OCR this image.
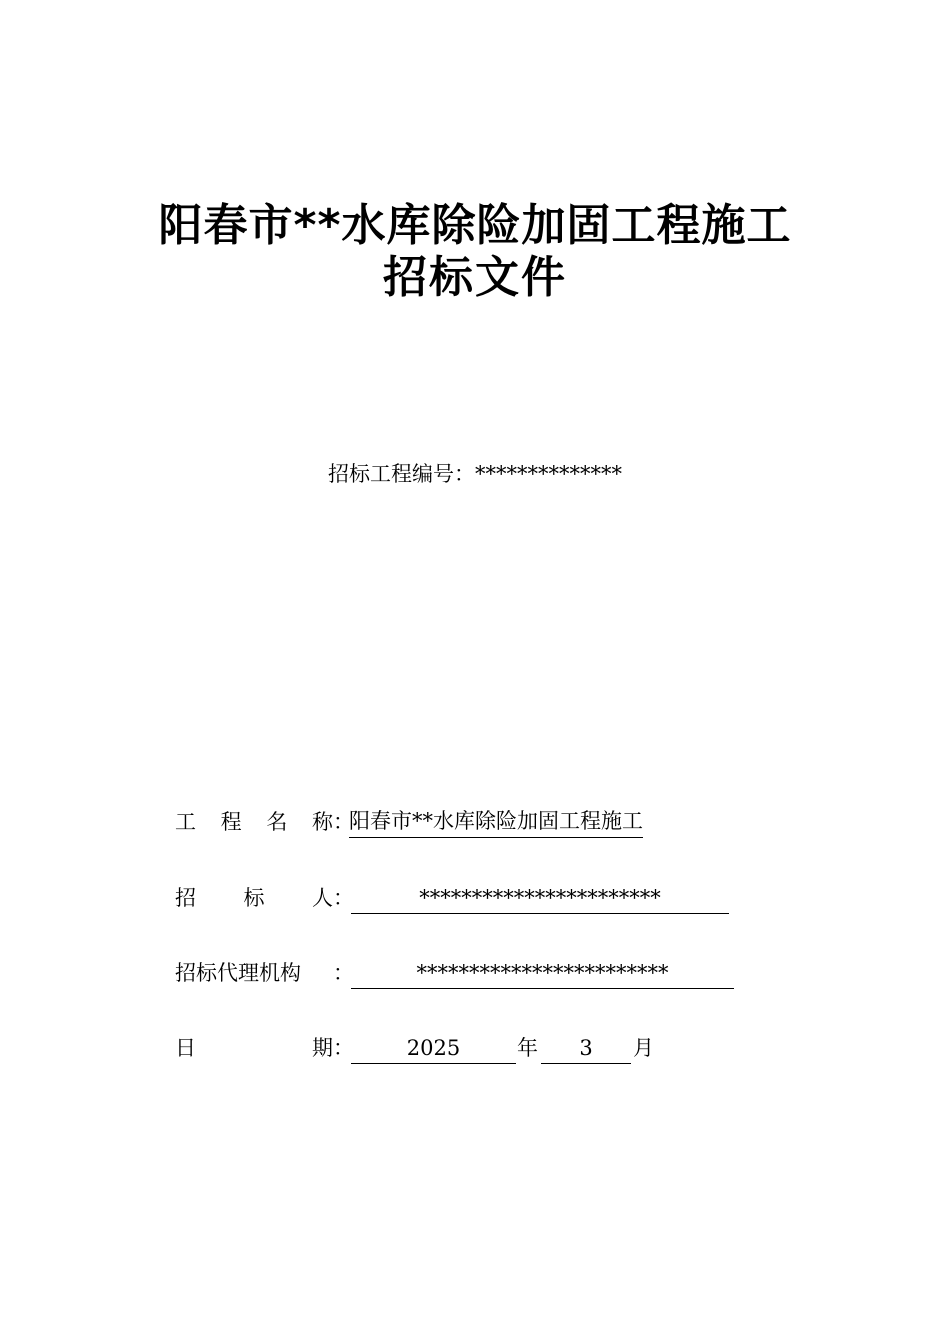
阳春市**水库除险加固工程施工
招标文件
招标工程编号：**************
工 程 名 称 ：
阳春市**水库除险加固工程施工
招 标 人 ：	***********************
招标代理机构	：	************************
日	期 ：	2025	年	3	月
